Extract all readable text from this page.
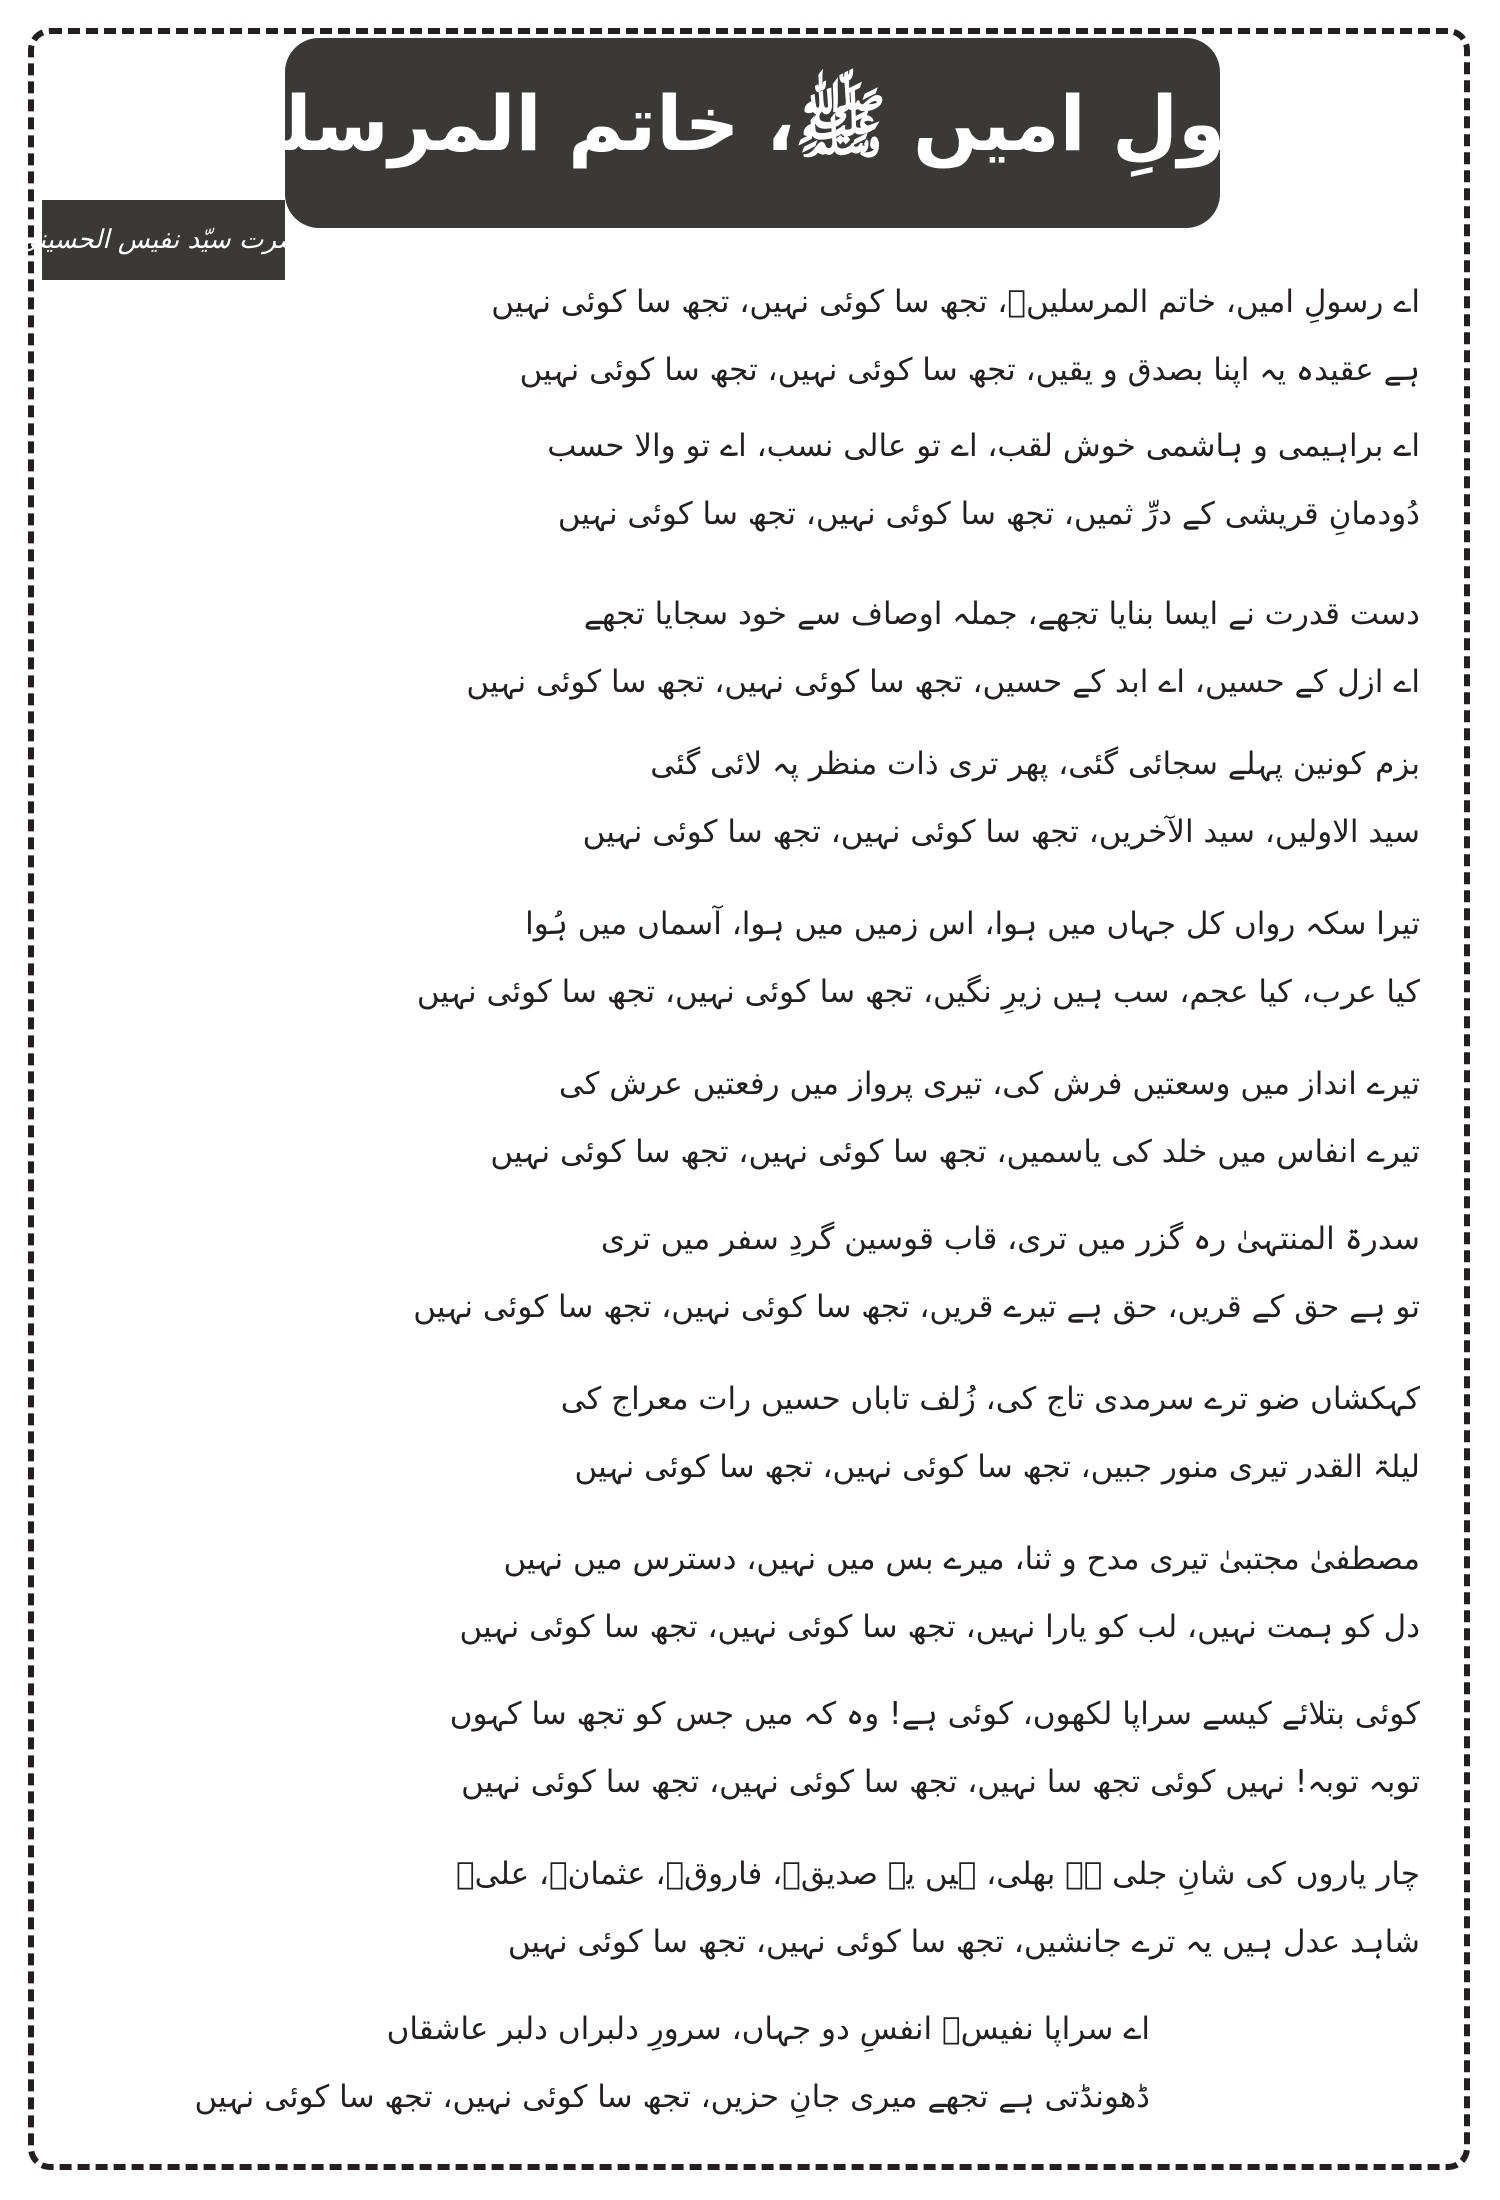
اے رسولِ امیں ﷺ، خاتم المرسلیں ﷺ
حضرت سیّد نفیس الحسینی ؒ
اے رسولِ امیں، خاتم المرسلیںؐ، تجھ سا کوئی نہیں، تجھ سا کوئی نہیں
ہے عقیدہ یہ اپنا بصدق و یقیں، تجھ سا کوئی نہیں، تجھ سا کوئی نہیں
اے براہیمی و ہاشمی خوش لقب، اے تو عالی نسب، اے تو والا حسب
دُودمانِ قریشی کے درِّ ثمیں، تجھ سا کوئی نہیں، تجھ سا کوئی نہیں
دست قدرت نے ایسا بنایا تجھے، جملہ اوصاف سے خود سجایا تجھے
اے ازل کے حسیں، اے ابد کے حسیں، تجھ سا کوئی نہیں، تجھ سا کوئی نہیں
بزم کونین پہلے سجائی گئی، پھر تری ذات منظر پہ لائی گئی
سید الاولیں، سید الآخریں، تجھ سا کوئی نہیں، تجھ سا کوئی نہیں
تیرا سکہ رواں کل جہاں میں ہوا، اس زمیں میں ہوا، آسماں میں ہُوا
کیا عرب، کیا عجم، سب ہیں زیرِ نگیں، تجھ سا کوئی نہیں، تجھ سا کوئی نہیں
تیرے انداز میں وسعتیں فرش کی، تیری پرواز میں رفعتیں عرش کی
تیرے انفاس میں خلد کی یاسمیں، تجھ سا کوئی نہیں، تجھ سا کوئی نہیں
سدرۃ المنتہیٰ رہ گزر میں تری، قاب قوسین گردِ سفر میں تری
تو ہے حق کے قریں، حق ہے تیرے قریں، تجھ سا کوئی نہیں، تجھ سا کوئی نہیں
کہکشاں ضو ترے سرمدی تاج کی، زُلف تاباں حسیں رات معراج کی
لیلۃ القدر تیری منور جبیں، تجھ سا کوئی نہیں، تجھ سا کوئی نہیں
مصطفیٰ مجتبیٰ تیری مدح و ثنا، میرے بس میں نہیں، دسترس میں نہیں
دل کو ہمت نہیں، لب کو یارا نہیں، تجھ سا کوئی نہیں، تجھ سا کوئی نہیں
کوئی بتلائے کیسے سراپا لکھوں، کوئی ہے! وہ کہ میں جس کو تجھ سا کہوں
توبہ توبہ! نہیں کوئی تجھ سا نہیں، تجھ سا کوئی نہیں، تجھ سا کوئی نہیں
چار یاروں کی شانِ جلی ہے بھلی، ہیں یہ صدیقؓ، فاروقؓ، عثمانؓ، علیؓ
شاہد عدل ہیں یہ ترے جانشیں، تجھ سا کوئی نہیں، تجھ سا کوئی نہیں
اے سراپا نفیسؔ انفسِ دو جہاں، سرورِ دلبراں دلبر عاشقاں
ڈھونڈتی ہے تجھے میری جانِ حزیں، تجھ سا کوئی نہیں، تجھ سا کوئی نہیں
